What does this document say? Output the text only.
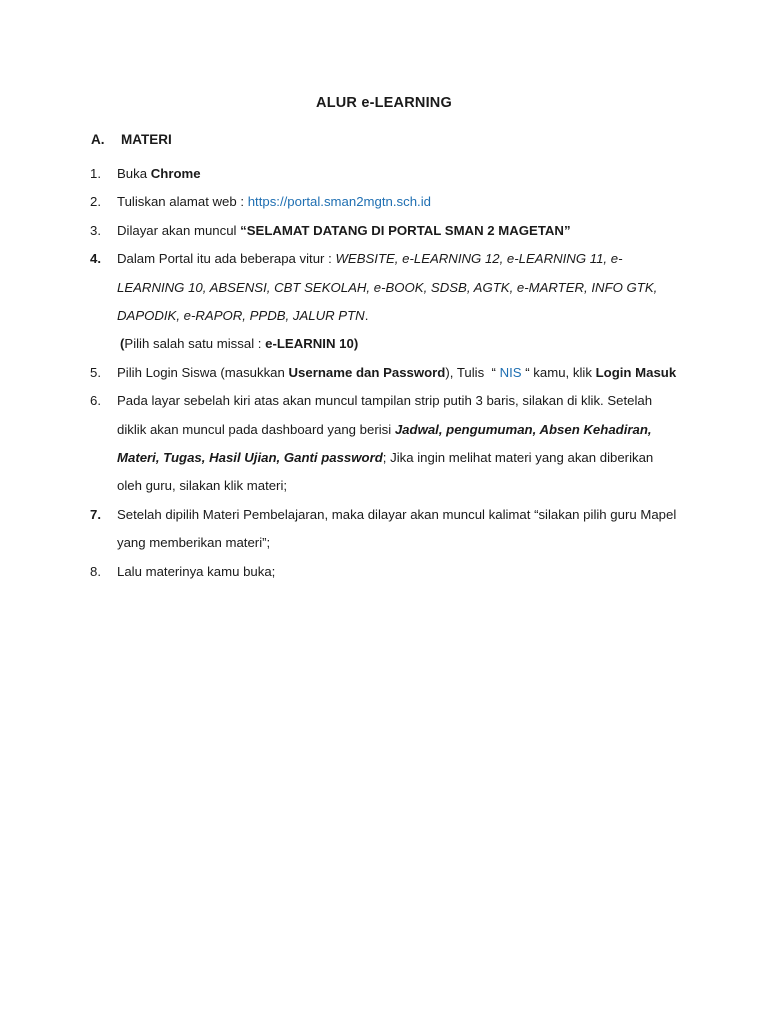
ALUR e-LEARNING
A. MATERI
1. Buka Chrome
2. Tuliskan alamat web : https://portal.sman2mgtn.sch.id
3. Dilayar akan muncul “SELAMAT DATANG DI PORTAL SMAN 2 MAGETAN”
4. Dalam Portal itu ada beberapa vitur : WEBSITE, e-LEARNING 12, e-LEARNING 11, e-LEARNING 10, ABSENSI, CBT SEKOLAH, e-BOOK, SDSB, AGTK, e-MARTER, INFO GTK, DAPODIK, e-RAPOR, PPDB, JALUR PTN.
(Pilih salah satu missal : e-LEARNIN 10)
5. Pilih Login Siswa (masukkan Username dan Password), Tulis  “ NIS “ kamu, klik Login Masuk
6. Pada layar sebelah kiri atas akan muncul tampilan strip putih 3 baris, silakan di klik. Setelah diklik akan muncul pada dashboard yang berisi Jadwal, pengumuman, Absen Kehadiran, Materi, Tugas, Hasil Ujian, Ganti password; Jika ingin melihat materi yang akan diberikan oleh guru, silakan klik materi;
7. Setelah dipilih Materi Pembelajaran, maka dilayar akan muncul kalimat “silakan pilih guru Mapel yang memberikan materi”;
8. Lalu materinya kamu buka;
